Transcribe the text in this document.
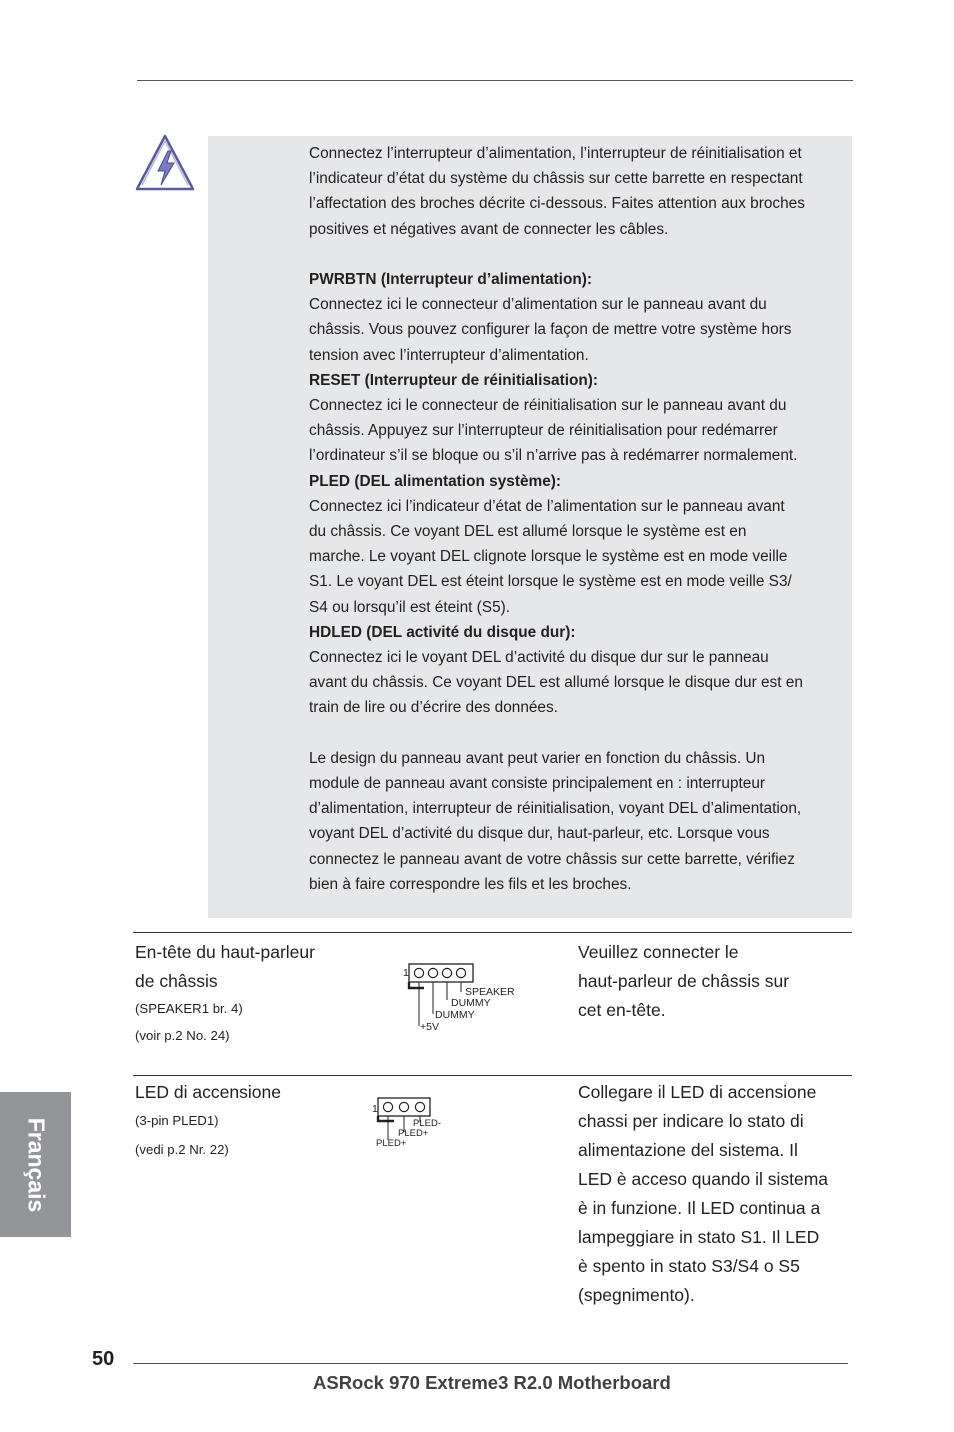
Connectez l’interrupteur d’alimentation, l’interrupteur de réinitialisation et

l’indicateur d’état du système du châssis sur cette barrette en respectant

l’affectation des broches décrite ci-dessous. Faites attention aux broches

positives et négatives avant de connecter les câbles.

PWRBTN (Interrupteur d’alimentation):

Connectez ici le connecteur d’alimentation sur le panneau avant du

châssis. Vous pouvez configurer la façon de mettre votre système hors

tension avec l’interrupteur d’alimentation.

RESET (Interrupteur de réinitialisation):

Connectez ici le connecteur de réinitialisation sur le panneau avant du

châssis. Appuyez sur l’interrupteur de réinitialisation pour redémarrer

l’ordinateur s’il se bloque ou s’il n’arrive pas à redémarrer normalement.

PLED (DEL alimentation système):

Connectez ici l’indicateur d’état de l’alimentation sur le panneau avant

du châssis. Ce voyant DEL est allumé lorsque le système est en

marche. Le voyant DEL clignote lorsque le système est en mode veille

S1. Le voyant DEL est éteint lorsque le système est en mode veille S3/

S4 ou lorsqu’il est éteint (S5).

HDLED (DEL activité du disque dur):

Connectez ici le voyant DEL d’activité du disque dur sur le panneau

avant du châssis. Ce voyant DEL est allumé lorsque le disque dur est en

train de lire ou d’écrire des données.

Le design du panneau avant peut varier en fonction du châssis. Un

module de panneau avant consiste principalement en : interrupteur

d’alimentation, interrupteur de réinitialisation, voyant DEL d’alimentation,

voyant DEL d’activité du disque dur, haut-parleur, etc. Lorsque vous

connectez le panneau avant de votre châssis sur cette barrette, vérifiez

bien à faire correspondre les fils et les broches.

En-tête du haut-parleur
de châssis
(SPEAKER1 br. 4)
(voir p.2 No. 24)
1
SPEAKER
DUMMY
DUMMY
+5V
Veuillez connecter le
haut-parleur de châssis sur
cet en-tête.
LED di accensione
(3-pin PLED1)
(vedi p.2 Nr. 22)
1
PLED-
PLED+
PLED+
Collegare il LED di accensione
chassi per indicare lo stato di
alimentazione del sistema. Il
LED è acceso quando il sistema
è in funzione. Il LED continua a
lampeggiare in stato S1. Il LED
è spento in stato S3/S4 o S5
(spegnimento).
Français
50
ASRock 970 Extreme3 R2.0 Motherboard
